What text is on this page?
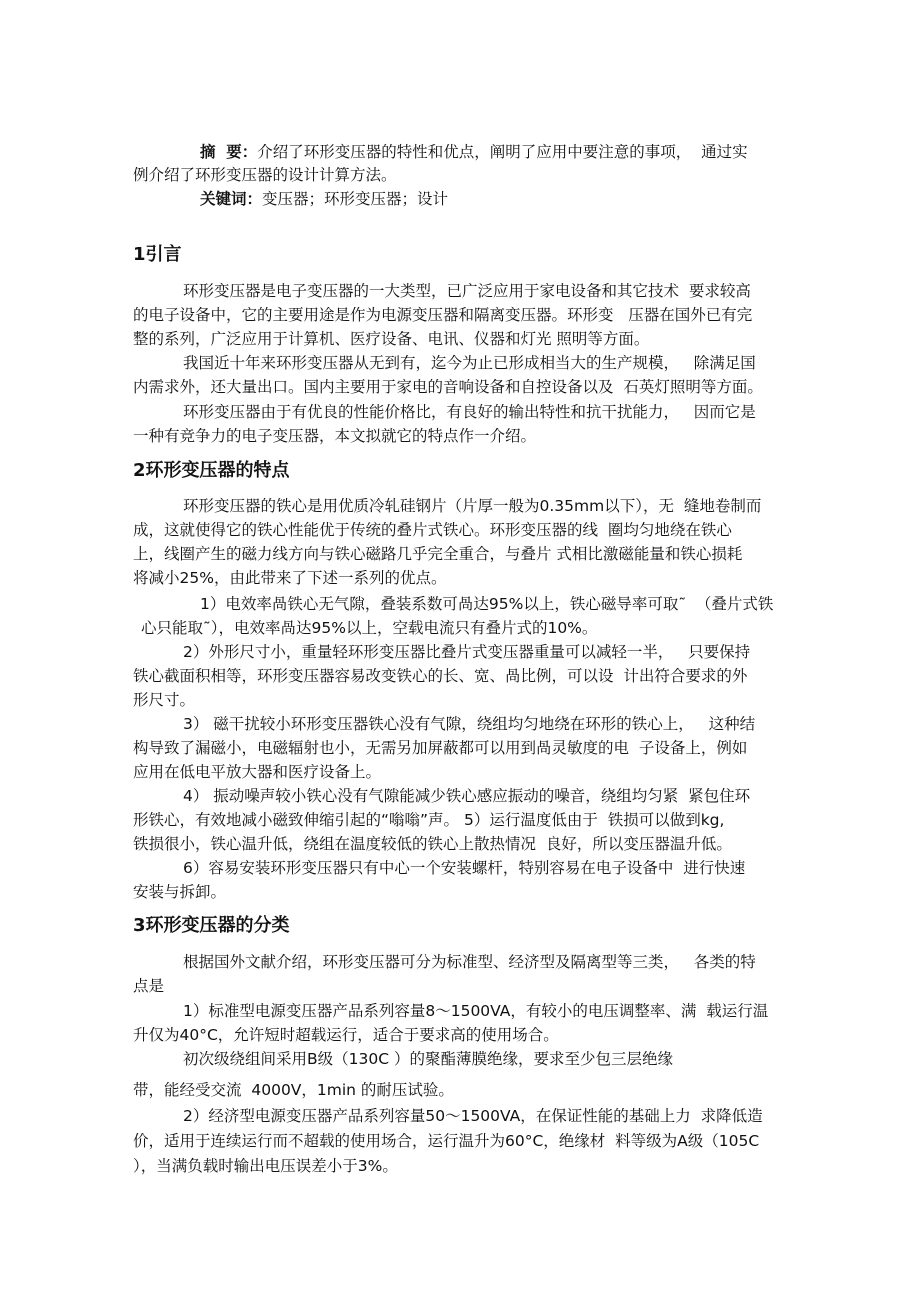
摘  要：介绍了环形变压器的特性和优点，阐明了应用中要注意的事项，  通过实
例介绍了环形变压器的设计计算方法。
关键词：变压器；环形变压器；设计
1引言
环形变压器是电子变压器的一大类型，已广泛应用于家电设备和其它技术  要求较高
的电子设备中，它的主要用途是作为电源变压器和隔离变压器。环形变   压器在国外已有完
整的系列，广泛应用于计算机、医疗设备、电讯、仪器和灯光 照明等方面。
我国近十年来环形变压器从无到有，迄今为止已形成相当大的生产规模，   除满足国
内需求外，还大量出口。国内主要用于家电的音响设备和自控设备以及  石英灯照明等方面。
环形变压器由于有优良的性能价格比，有良好的输出特性和抗干扰能力，   因而它是
一种有竞争力的电子变压器，本文拟就它的特点作一介绍。
2环形变压器的特点
环形变压器的铁心是用优质冷轧硅钢片（片厚一般为0.35mm以下），无  缝地卷制而
成，这就使得它的铁心性能优于传统的叠片式铁心。环形变压器的线  圈均匀地绕在铁心
上，线圈产生的磁力线方向与铁心磁路几乎完全重合，与叠片 式相比激磁能量和铁心损耗
将减小25%，由此带来了下述一系列的优点。
1）电效率咼铁心无气隙，叠装系数可咼达95%以上，铁心磁导率可取˜  （叠片式铁
心只能取˜），电效率咼达95%以上，空载电流只有叠片式的10%。
2）外形尺寸小，重量轻环形变压器比叠片式变压器重量可以减轻一半，   只要保持
铁心截面积相等，环形变压器容易改变铁心的长、宽、咼比例，可以设  计出符合要求的外
形尺寸。
3） 磁干扰较小环形变压器铁心没有气隙，绕组均匀地绕在环形的铁心上，   这种结
构导致了漏磁小，电磁辐射也小，无需另加屏蔽都可以用到咼灵敏度的电  子设备上，例如
应用在低电平放大器和医疗设备上。
4） 振动噪声较小铁心没有气隙能减少铁心感应振动的噪音，绕组均匀紧  紧包住环
形铁心，有效地减小磁致伸缩引起的“嗡嗡”声。 5）运行温度低由于  铁损可以做到kg,
铁损很小，铁心温升低，绕组在温度较低的铁心上散热情况  良好，所以变压器温升低。
6）容易安装环形变压器只有中心一个安装螺杆，特别容易在电子设备中  进行快速
安装与拆卸。
3环形变压器的分类
根据国外文献介绍，环形变压器可分为标准型、经济型及隔离型等三类，   各类的特
点是
1）标准型电源变压器产品系列容量8～1500VA，有较小的电压调整率、满  载运行温
升仅为40°C，允许短时超载运行，适合于要求高的使用场合。
初次级绕组间采用B级（130C ）的聚酯薄膜绝缘，要求至少包三层绝缘
带，能经受交流  4000V，1min 的耐压试验。
2）经济型电源变压器产品系列容量50～1500VA，在保证性能的基础上力  求降低造
价，适用于连续运行而不超载的使用场合，运行温升为60°C，绝缘材  料等级为A级（105C
），当满负载时输出电压误差小于3%。
